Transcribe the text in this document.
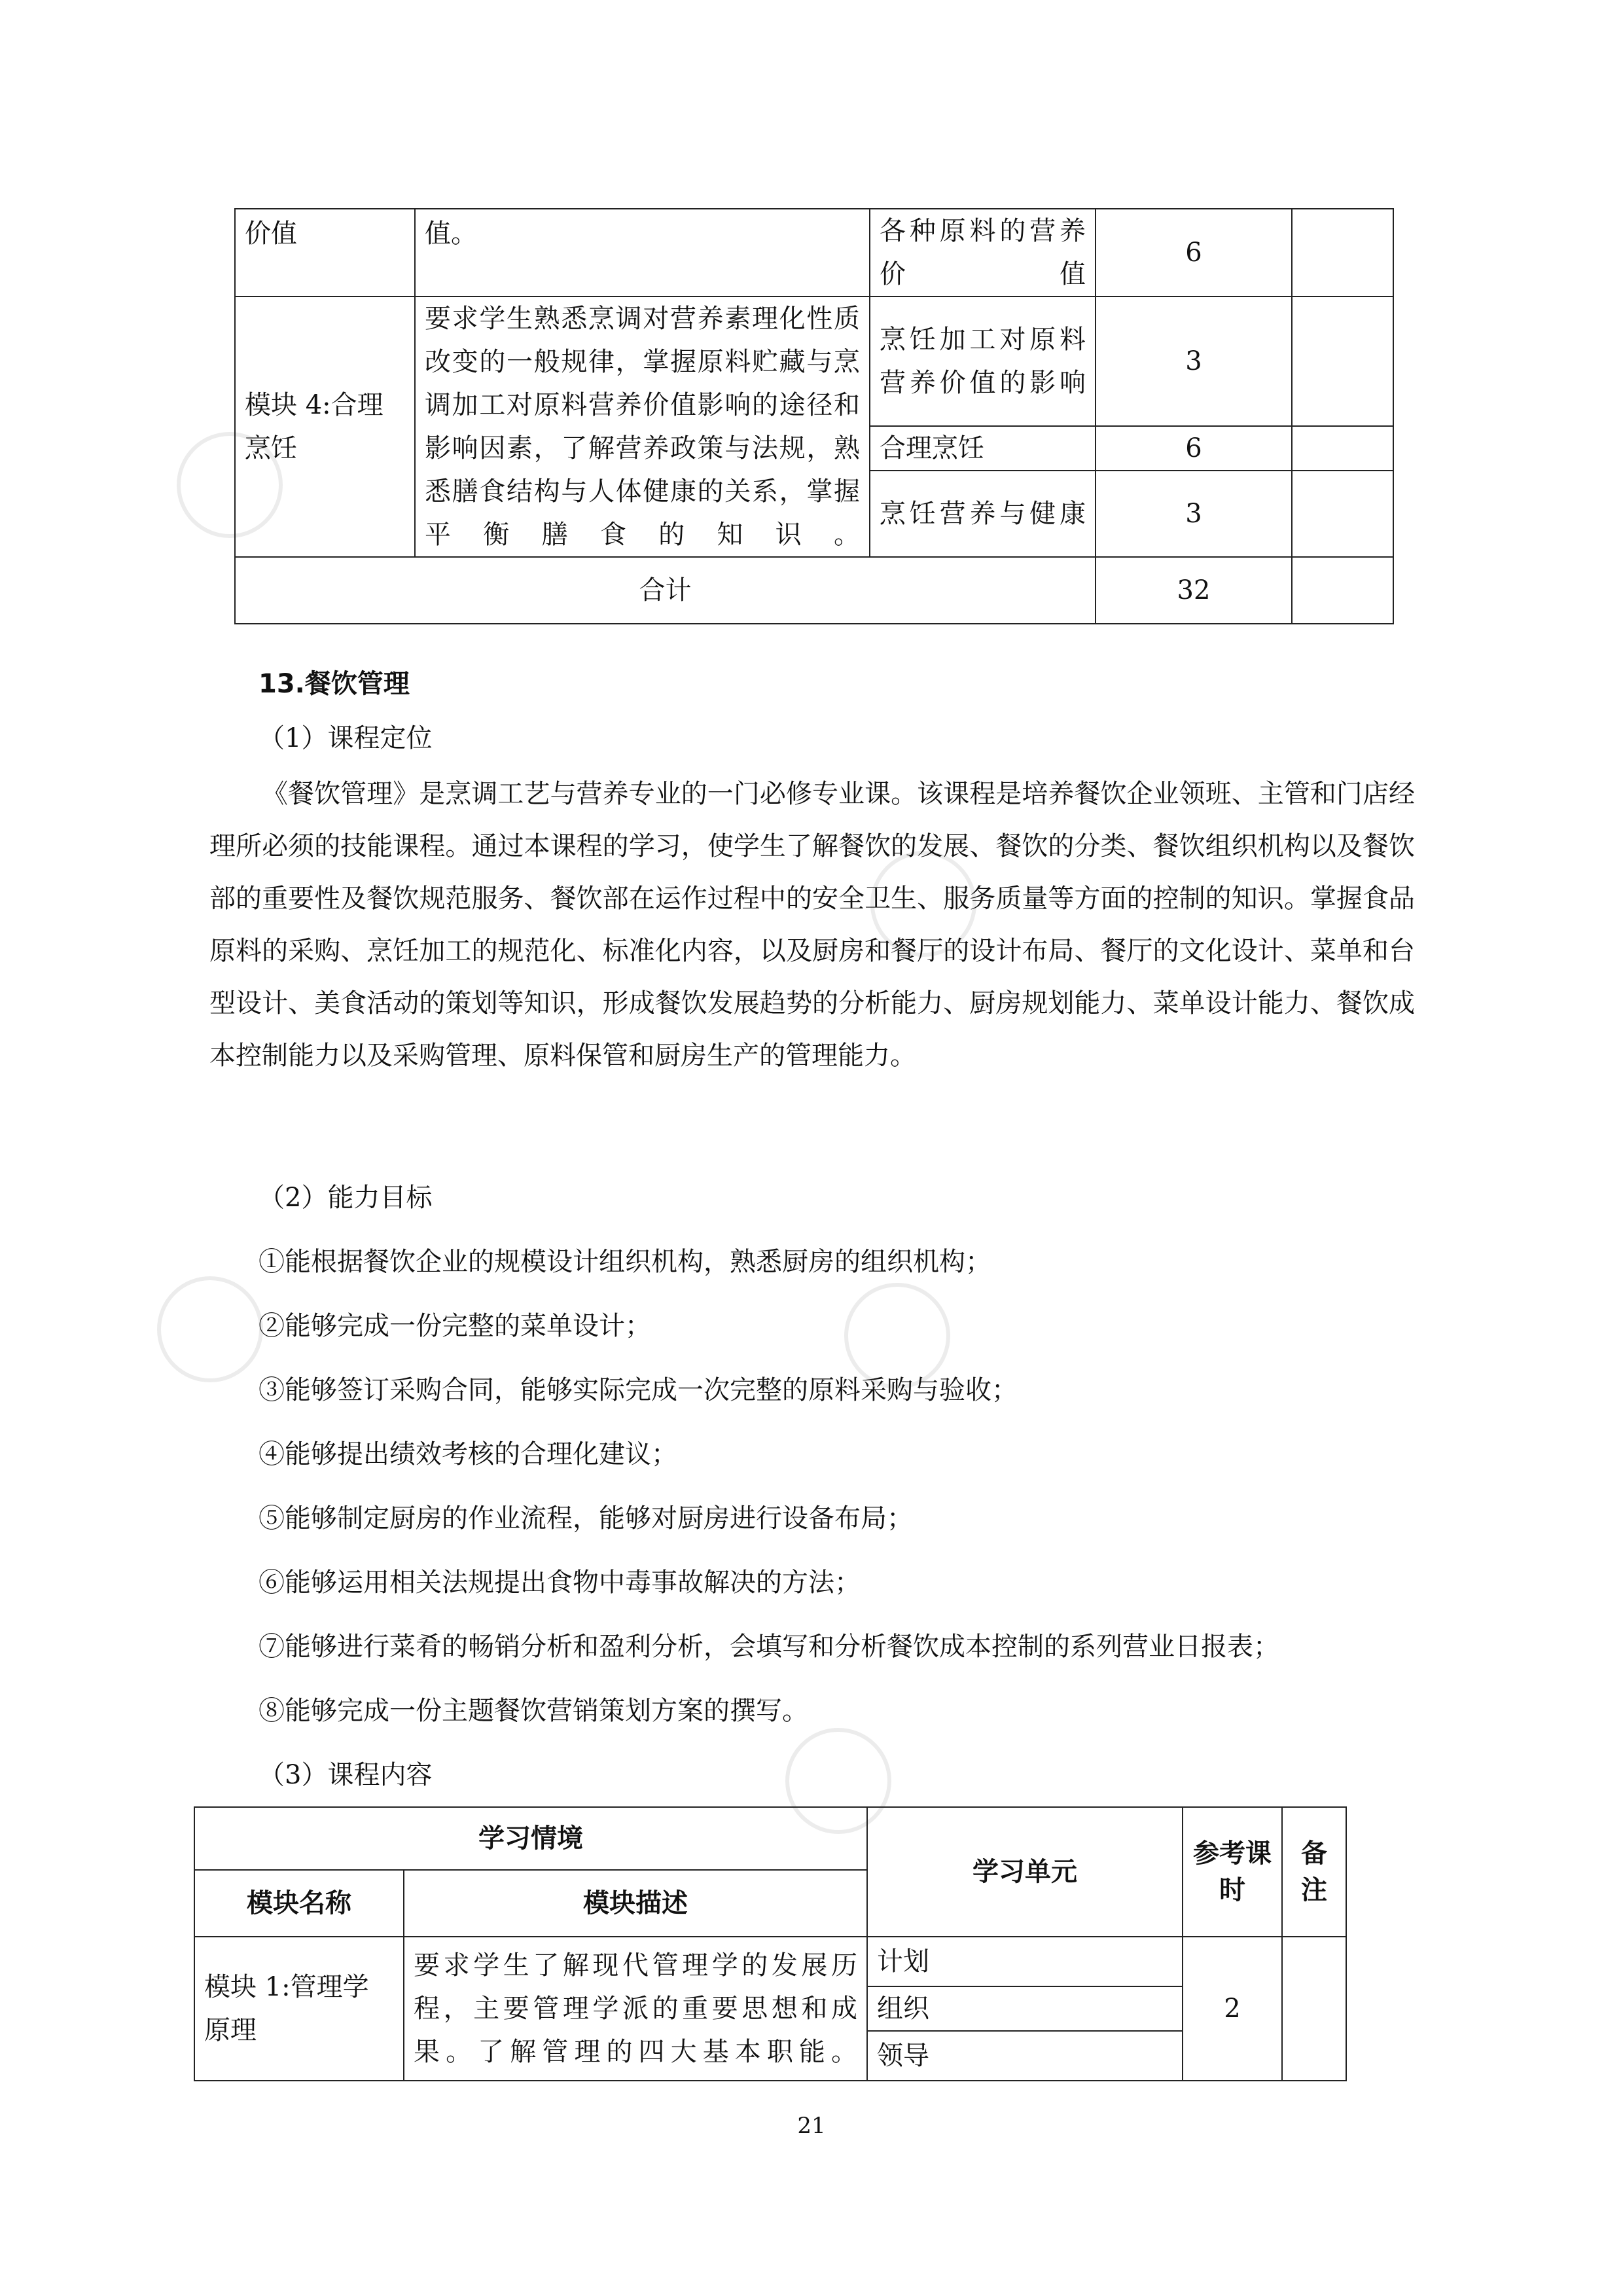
价值	值。	各种原料的营养价值	6	
模块 4:合理烹饪	要求学生熟悉烹调对营养素理化性质改变的一般规律，掌握原料贮藏与烹调加工对原料营养价值影响的途径和影响因素，了解营养政策与法规，熟悉膳食结构与人体健康的关系，掌握平衡膳食的知识。	烹饪加工对原料营养价值的影响	3	
		合理烹饪	6	
		烹饪营养与健康	3	
合计			32	
13.餐饮管理
（1）课程定位
《餐饮管理》是烹调工艺与营养专业的一门必修专业课。该课程是培养餐饮企业领班、主管和门店经理所必须的技能课程。通过本课程的学习，使学生了解餐饮的发展、餐饮的分类、餐饮组织机构以及餐饮部的重要性及餐饮规范服务、餐饮部在运作过程中的安全卫生、服务质量等方面的控制的知识。掌握食品原料的采购、烹饪加工的规范化、标准化内容，以及厨房和餐厅的设计布局、餐厅的文化设计、菜单和台型设计、美食活动的策划等知识，形成餐饮发展趋势的分析能力、厨房规划能力、菜单设计能力、餐饮成本控制能力以及采购管理、原料保管和厨房生产的管理能力。
（2）能力目标
①能根据餐饮企业的规模设计组织机构，熟悉厨房的组织机构；
②能够完成一份完整的菜单设计；
③能够签订采购合同，能够实际完成一次完整的原料采购与验收；
④能够提出绩效考核的合理化建议；
⑤能够制定厨房的作业流程，能够对厨房进行设备布局；
⑥能够运用相关法规提出食物中毒事故解决的方法；
⑦能够进行菜肴的畅销分析和盈利分析，会填写和分析餐饮成本控制的系列营业日报表；
⑧能够完成一份主题餐饮营销策划方案的撰写。
（3）课程内容
学习情境		学习单元	参考课时	备注
模块名称	模块描述			
模块 1:管理学原理	要求学生了解现代管理学的发展历程，主要管理学派的重要思想和成果。了解管理的四大基本职能。	计划	2	
		组织		
		领导		
21
